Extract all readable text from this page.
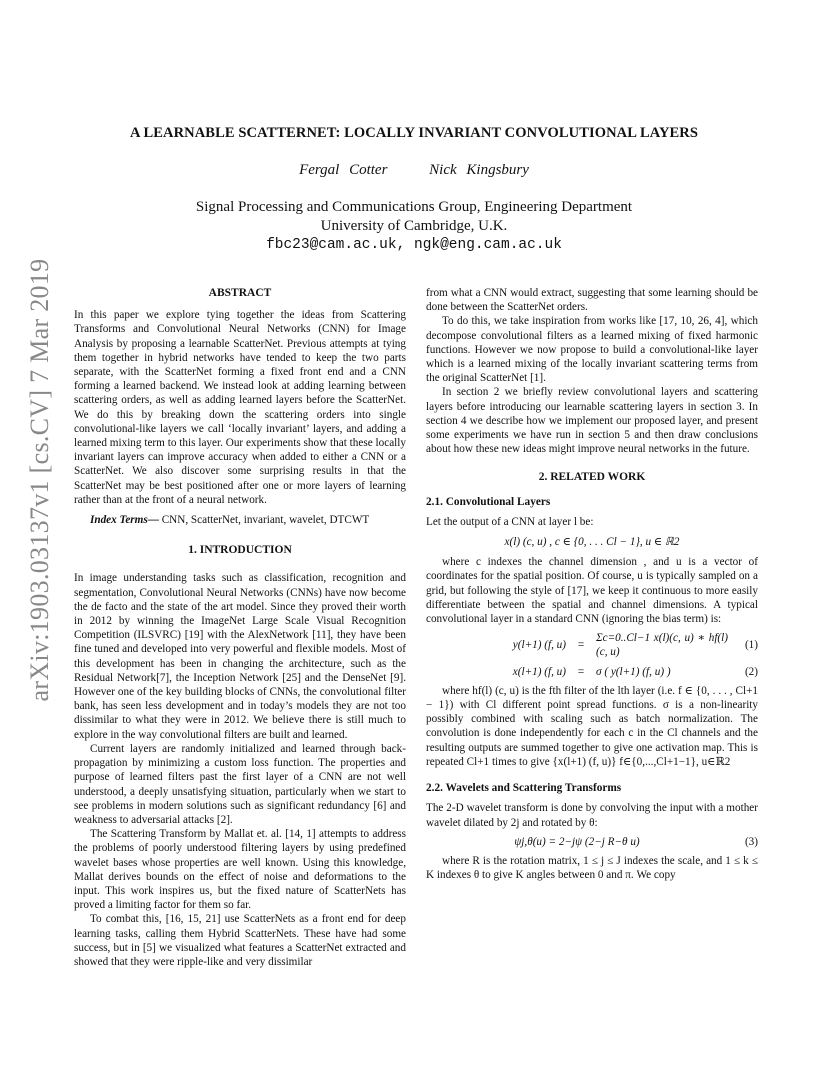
arXiv:1903.03137v1 [cs.CV] 7 Mar 2019
A LEARNABLE SCATTERNET: LOCALLY INVARIANT CONVOLUTIONAL LAYERS
Fergal Cotter	Nick Kingsbury
Signal Processing and Communications Group, Engineering Department
University of Cambridge, U.K.
fbc23@cam.ac.uk, ngk@eng.cam.ac.uk
ABSTRACT

In this paper we explore tying together the ideas from Scattering Transforms and Convolutional Neural Networks (CNN) for Image Analysis by proposing a learnable ScatterNet. Previous attempts at tying them together in hybrid networks have tended to keep the two parts separate, with the ScatterNet forming a fixed front end and a CNN forming a learned backend. We instead look at adding learning between scattering orders, as well as adding learned layers before the ScatterNet. We do this by breaking down the scattering orders into single convolutional-like layers we call ‘locally invariant’ layers, and adding a learned mixing term to this layer. Our experiments show that these locally invariant layers can improve accuracy when added to either a CNN or a ScatterNet. We also discover some surprising results in that the ScatterNet may be best positioned after one or more layers of learning rather than at the front of a neural network.

Index Terms— CNN, ScatterNet, invariant, wavelet, DTCWT

1. INTRODUCTION

In image understanding tasks such as classification, recognition and segmentation, Convolutional Neural Networks (CNNs) have now become the de facto and the state of the art model. Since they proved their worth in 2012 by winning the ImageNet Large Scale Visual Recognition Competition (ILSVRC) [19] with the AlexNetwork [11], they have been fine tuned and developed into very powerful and flexible models. Most of this development has been in changing the architecture, such as the Residual Network[7], the Inception Network [25] and the DenseNet [9]. However one of the key building blocks of CNNs, the convolutional filter bank, has seen less development and in today’s models they are not too dissimilar to what they were in 2012. We believe there is still much to explore in the way convolutional filters are built and learned.

Current layers are randomly initialized and learned through back-propagation by minimizing a custom loss function. The properties and purpose of learned filters past the first layer of a CNN are not well understood, a deeply unsatisfying situation, particularly when we start to see problems in modern solutions such as significant redundancy [6] and weakness to adversarial attacks [2].

The Scattering Transform by Mallat et. al. [14, 1] attempts to address the problems of poorly understood filtering layers by using predefined wavelet bases whose properties are well known. Using this knowledge, Mallat derives bounds on the effect of noise and deformations to the input. This work inspires us, but the fixed nature of ScatterNets has proved a limiting factor for them so far.

To combat this, [16, 15, 21] use ScatterNets as a front end for deep learning tasks, calling them Hybrid ScatterNets. These have had some success, but in [5] we visualized what features a ScatterNet extracted and showed that they were ripple-like and very dissimilar

from what a CNN would extract, suggesting that some learning should be done between the ScatterNet orders.

To do this, we take inspiration from works like [17, 10, 26, 4], which decompose convolutional filters as a learned mixing of fixed harmonic functions. However we now propose to build a convolutional-like layer which is a learned mixing of the locally invariant scattering terms from the original ScatterNet [1].

In section 2 we briefly review convolutional layers and scattering layers before introducing our learnable scattering layers in section 3. In section 4 we describe how we implement our proposed layer, and present some experiments we have run in section 5 and then draw conclusions about how these new ideas might improve neural networks in the future.

2. RELATED WORK
2.1. Convolutional Layers

Let the output of a CNN at layer l be:

x(l) (c, u) , c ∈ {0, . . . Cl − 1}, u ∈ ℝ2

where c indexes the channel dimension , and u is a vector of coordinates for the spatial position. Of course, u is typically sampled on a grid, but following the style of [17], we keep it continuous to more easily differentiate between the spatial and channel dimensions. A typical convolutional layer in a standard CNN (ignoring the bias term) is:

y(l+1) (f, u)	=
Σc=0..Cl−1 x(l)(c, u) ∗ hf(l)(c, u)
(1)
x(l+1) (f, u)	=	σ ( y(l+1) (f, u) )	(2)

where hf(l) (c, u) is the fth filter of the lth layer (i.e. f ∈ {0, . . . , Cl+1 − 1}) with Cl different point spread functions. σ is a non-linearity possibly combined with scaling such as batch normalization. The convolution is done independently for each c in the Cl channels and the resulting outputs are summed together to give one activation map. This is repeated Cl+1 times to give {x(l+1) (f, u)} f∈{0,...,Cl+1−1}, u∈ℝ2

2.2. Wavelets and Scattering Transforms

The 2-D wavelet transform is done by convolving the input with a mother wavelet dilated by 2j and rotated by θ:

ψj,θ(u) = 2−jψ (2−j R−θ u)	(3)

where R is the rotation matrix, 1 ≤ j ≤ J indexes the scale, and 1 ≤ k ≤ K indexes θ to give K angles between 0 and π. We copy
